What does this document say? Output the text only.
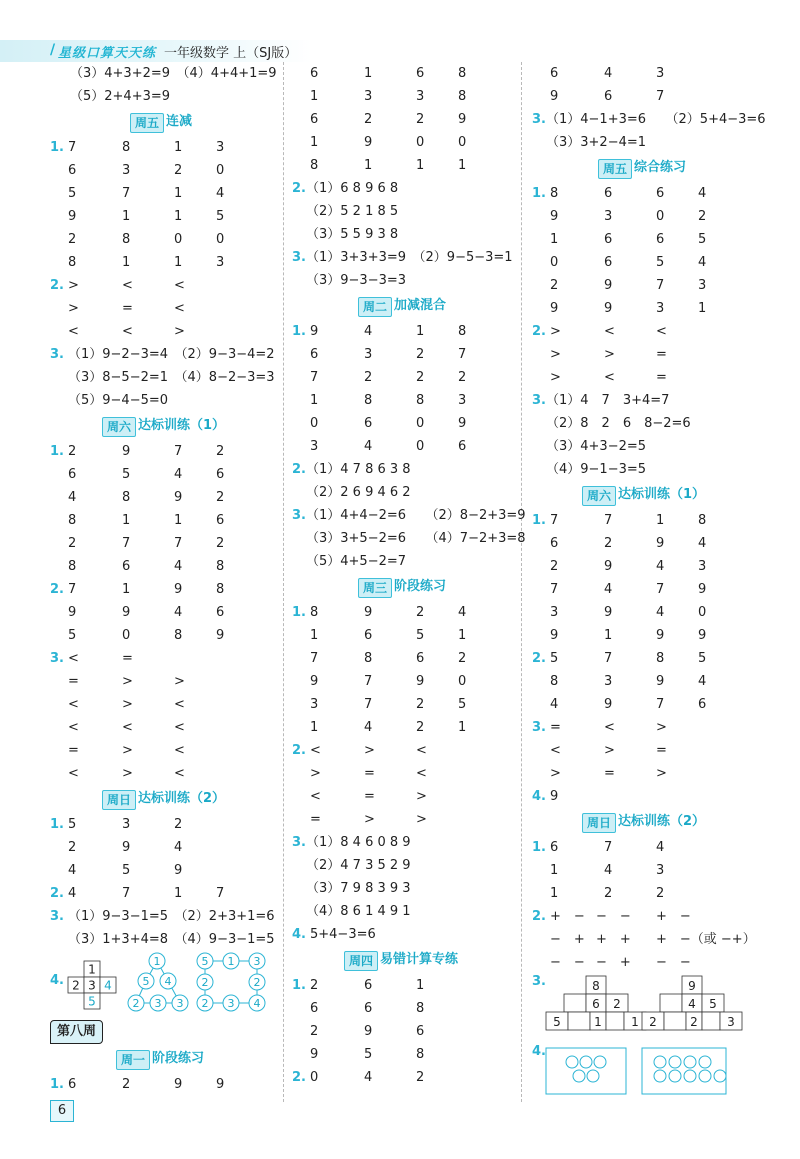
/ 星级口算天天练 一年级数学 上（SJ版）
（3）4+3+2=9　（4）4+4+1=9
（5）2+4+3=9
周五 连减
1. 7	8	1	3
6	3	2	0
5	7	1	4
9	1	1	5
2	8	0	0
8	1	1	3
2. >	<	<
>	=	<
<	<	>
3. （1）9−2−3=4　（2）9−3−4=2
（3）8−5−2=1　（4）8−2−3=3
（5）9−4−5=0
周六 达标训练（1）
1. 2	9	7	2
6	5	4	6
4	8	9	2
8	1	1	6
2	7	7	2
8	6	4	8
2. 7	1	9	8
9	9	4	6
5	0	8	9
3. <	=
=	>	>
<	>	<
<	<	<
=	>	<
<	>	<
周日 达标训练（2）
1. 5	3	2
2	9	4
4	5	9
2. 4	7	1	7
3. （1）9−3−1=5　（2）2+3+1=6
（3）1+3+4=8　（4）9−3−1=5
4.
1
2 3 4
5
1
5 4
2 3 3
5 1 3
2	2
2 3 4
周一 阶段练习
1. 6	2	9	9
6	1	6	8
1	3	3	8
6	2	2	9
1	9	0	0
8	1	1	1
2. （1）6 8 9 6 8
（2）5 2 1 8 5
（3）5 5 9 3 8
3. （1）3+3+3=9　（2）9−5−3=1
（3）9−3−3=3
周二 加减混合
1. 9	4	1	8
6	3	2	7
7	2	2	2
1	8	8	3
0	6	0	9
3	4	0	6
2. （1）4 7 8 6 3 8
（2）2 6 9 4 6 2
3. （1）4+4−2=6　　（2）8−2+3=9
（3）3+5−2=6　　（4）7−2+3=8
（5）4+5−2=7
周三 阶段练习
1. 8	9	2	4
1	6	5	1
7	8	6	2
9	7	9	0
3	7	2	5
1	4	2	1
2. <	>	<
>	=	<
<	=	>
=	>	>
3. （1）8 4 6 0 8 9
（2）4 7 3 5 2 9
（3）7 9 8 3 9 3
（4）8 6 1 4 9 1
4. 5+4−3=6
周四 易错计算专练
1. 2	6	1
6	6	8
2	9	6
9	5	8
2. 0	4	2
6	4	3
9	6	7
3. （1）4−1+3=6　　（2）5+4−3=6
（3）3+2−4=1
周五 综合练习
1. 8	6	6	4
9	3	0	2
1	6	6	5
0	6	5	4
2	9	7	3
9	9	3	1
2. >	<	<
>	>	=
>	<	=
3. （1）4　7　3+4=7
（2）8　2　6　8−2=6
（3）4+3−2=5
（4）9−1−3=5
周六 达标训练（1）
1. 7	7	1	8
6	2	9	4
2	9	4	3
7	4	7	9
3	9	4	0
9	1	9	9
2. 5	7	8	5
8	3	9	4
4	9	7	6
3. =	<	>
<	>	=
>	=	>
4. 9
周日 达标训练（2）
1. 6	7	4
1	4	3
1	2	2
2. +　− −　− +　−
−　+ +　+ +　−（或 −+）
−　− −　+ −　−
3.	8
6 2
5	1 1
9
4 5
2	2 3
4.
第八周
6
